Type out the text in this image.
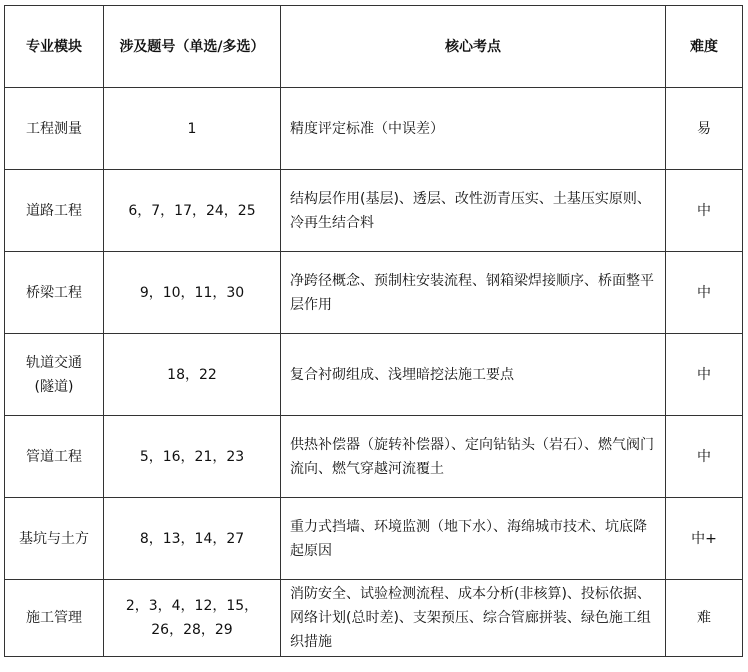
专业模块	涉及题号（单选/多选）	核心考点	难度
工程测量	1	精度评定标准（中误差）	易
道路工程	6，7，17，24，25	结构层作用(基层)、透层、改性沥青压实、土基压实原则、冷再生结合料	中
桥梁工程	9，10，11，30	净跨径概念、预制柱安装流程、钢箱梁焊接顺序、桥面整平层作用	中

轨道交通(隧道)	18，22	复合衬砌组成、浅埋暗挖法施工要点	中
管道工程	5，16，21，23	供热补偿器（旋转补偿器）、定向钻钻头（岩石）、燃气阀门流向、燃气穿越河流覆土	中
基坑与土方	8，13，14，27	重力式挡墙、环境监测（地下水）、海绵城市技术、坑底降起原因	中+
施工管理	2，3，4，12，15，26，28，29	消防安全、试验检测流程、成本分析(非核算)、投标依据、网络计划(总时差)、支架预压、综合管廊拼装、绿色施工组织措施	难
